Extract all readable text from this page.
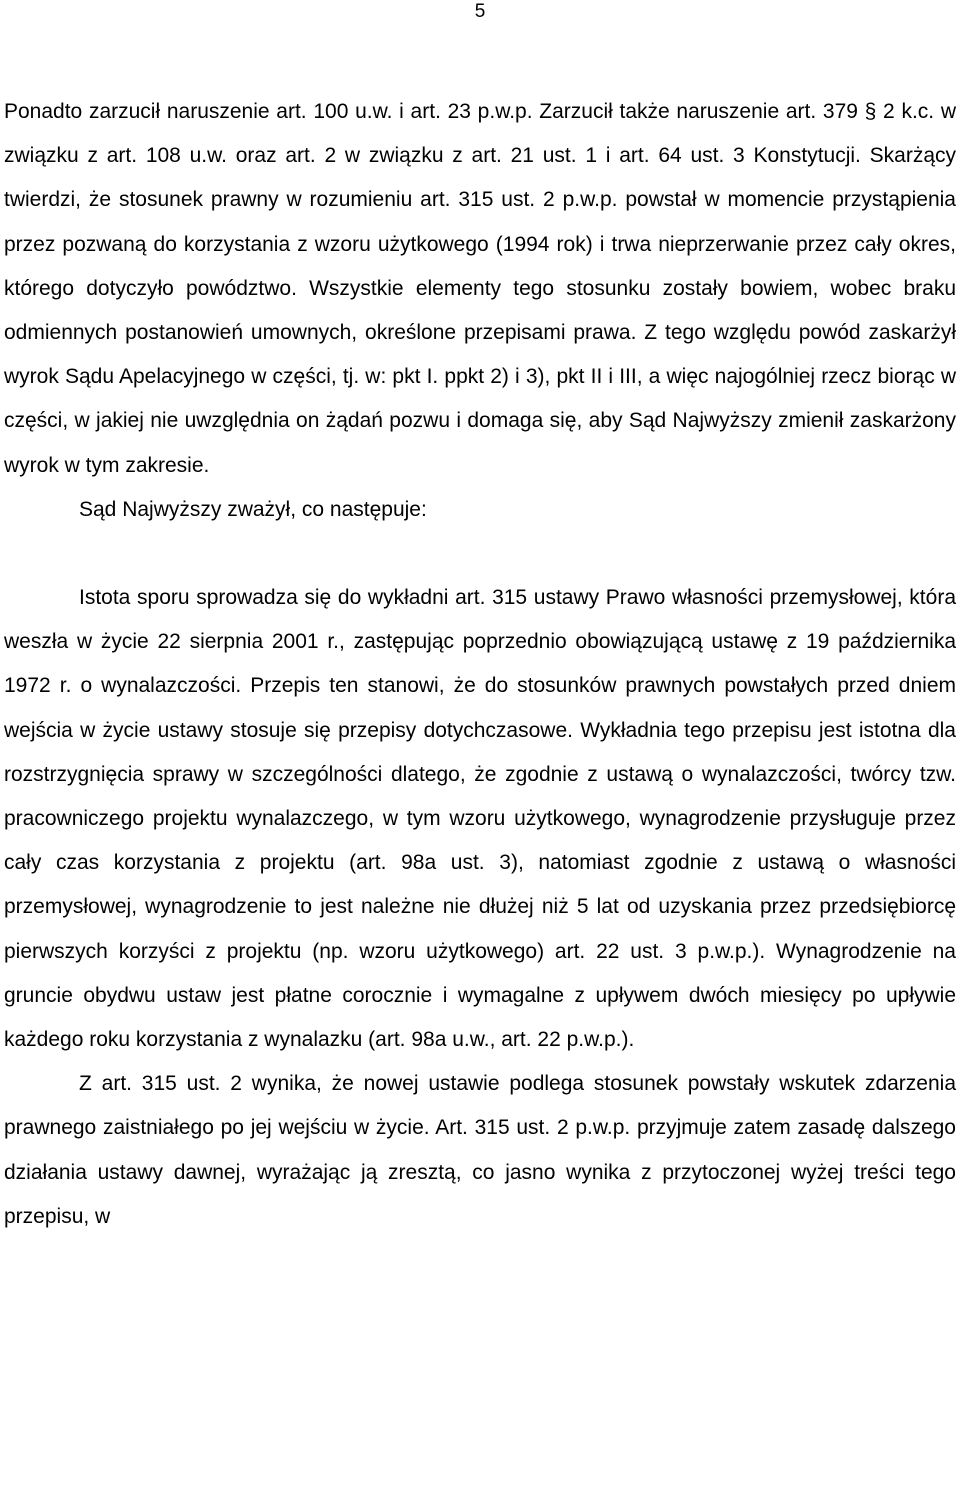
5

Ponadto zarzucił naruszenie art. 100 u.w. i art. 23 p.w.p. Zarzucił także naruszenie art. 379 § 2 k.c. w związku z art. 108 u.w. oraz art. 2 w związku z art. 21 ust. 1 i art. 64 ust. 3 Konstytucji. Skarżący twierdzi, że stosunek prawny w rozumieniu art. 315 ust. 2 p.w.p. powstał w momencie przystąpienia przez pozwaną do korzystania z wzoru użytkowego (1994 rok) i trwa nieprzerwanie przez cały okres, którego dotyczyło powództwo. Wszystkie elementy tego stosunku zostały bowiem, wobec braku odmiennych postanowień umownych, określone przepisami prawa. Z tego względu powód zaskarżył wyrok Sądu Apelacyjnego w części, tj. w: pkt I. ppkt 2) i 3), pkt II i III, a więc najogólniej rzecz biorąc w części, w jakiej nie uwzględnia on żądań pozwu i domaga się, aby Sąd Najwyższy zmienił zaskarżony wyrok w tym zakresie.

Sąd Najwyższy zważył, co następuje:

Istota sporu sprowadza się do wykładni art. 315 ustawy Prawo własności przemysłowej, która weszła w życie 22 sierpnia 2001 r., zastępując poprzednio obowiązującą ustawę z 19 października 1972 r. o wynalazczości. Przepis ten stanowi, że do stosunków prawnych powstałych przed dniem wejścia w życie ustawy stosuje się przepisy dotychczasowe. Wykładnia tego przepisu jest istotna dla rozstrzygnięcia sprawy w szczególności dlatego, że zgodnie z ustawą o wynalazczości, twórcy tzw. pracowniczego projektu wynalazczego, w tym wzoru użytkowego, wynagrodzenie przysługuje przez cały czas korzystania z projektu (art. 98a ust. 3), natomiast zgodnie z ustawą o własności przemysłowej, wynagrodzenie to jest należne nie dłużej niż 5 lat od uzyskania przez przedsiębiorcę pierwszych korzyści z projektu (np. wzoru użytkowego) art. 22 ust. 3 p.w.p.). Wynagrodzenie na gruncie obydwu ustaw jest płatne corocznie i wymagalne z upływem dwóch miesięcy po upływie każdego roku korzystania z wynalazku (art. 98a u.w., art. 22 p.w.p.).

Z art. 315 ust. 2 wynika, że nowej ustawie podlega stosunek powstały wskutek zdarzenia prawnego zaistniałego po jej wejściu w życie. Art. 315 ust. 2 p.w.p. przyjmuje zatem zasadę dalszego działania ustawy dawnej, wyrażając ją zresztą, co jasno wynika z przytoczonej wyżej treści tego przepisu, w
